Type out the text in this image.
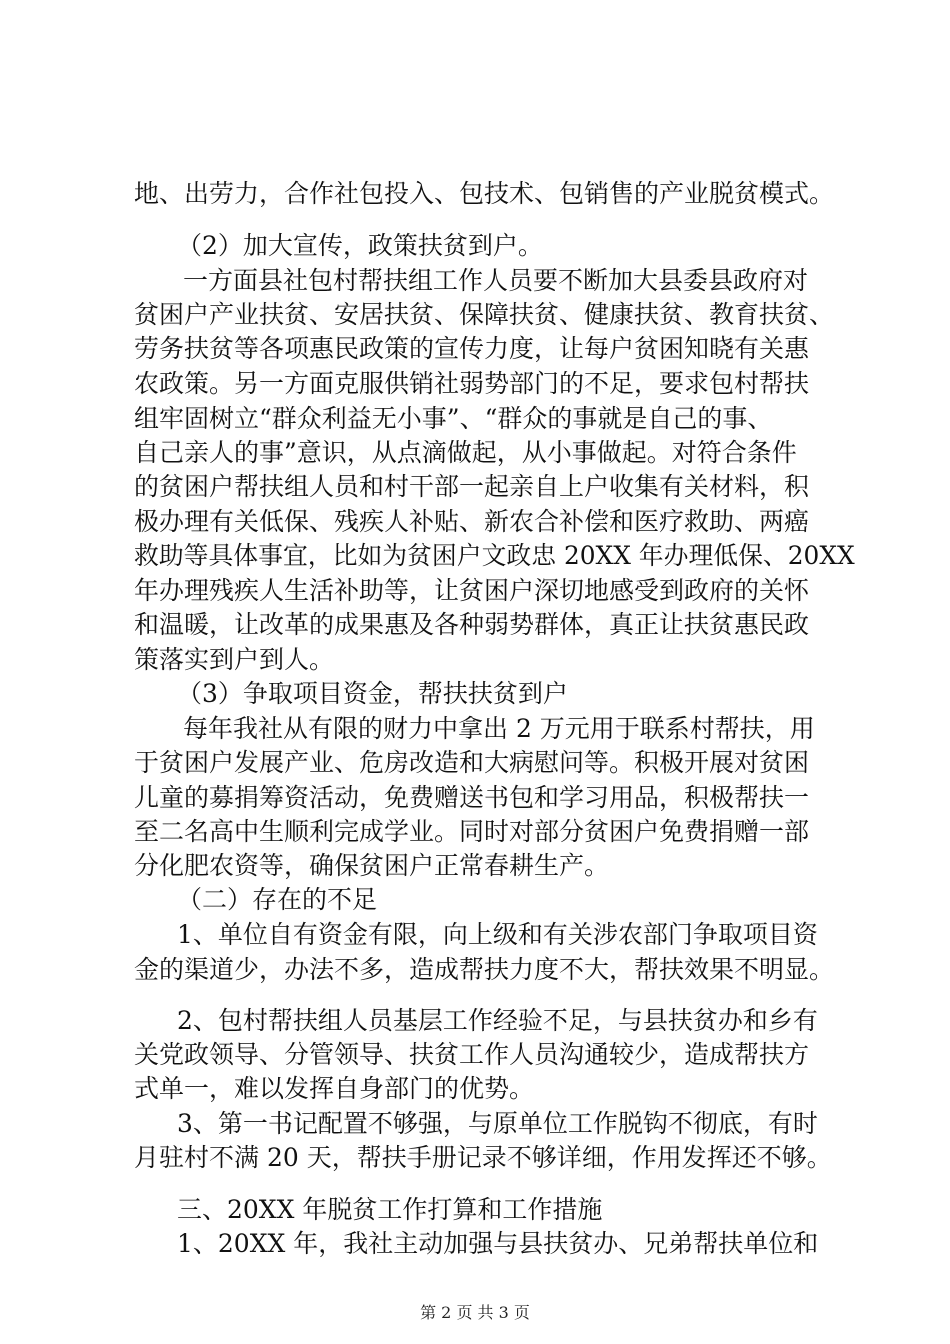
地、出劳力，合作社包投入、包技术、包销售的产业脱贫模式。
（2）加大宣传，政策扶贫到户。
一方面县社包村帮扶组工作人员要不断加大县委县政府对
贫困户产业扶贫、安居扶贫、保障扶贫、健康扶贫、教育扶贫、
劳务扶贫等各项惠民政策的宣传力度，让每户贫困知晓有关惠
农政策。另一方面克服供销社弱势部门的不足，要求包村帮扶
组牢固树立“群众利益无小事”、“群众的事就是自己的事、
自己亲人的事”意识，从点滴做起，从小事做起。对符合条件
的贫困户帮扶组人员和村干部一起亲自上户收集有关材料，积
极办理有关低保、残疾人补贴、新农合补偿和医疗救助、两癌
救助等具体事宜，比如为贫困户文政忠 20XX 年办理低保、20XX
年办理残疾人生活补助等，让贫困户深切地感受到政府的关怀
和温暖，让改革的成果惠及各种弱势群体，真正让扶贫惠民政
策落实到户到人。
（3）争取项目资金，帮扶扶贫到户
每年我社从有限的财力中拿出 2 万元用于联系村帮扶，用
于贫困户发展产业、危房改造和大病慰问等。积极开展对贫困
儿童的募捐筹资活动，免费赠送书包和学习用品，积极帮扶一
至二名高中生顺利完成学业。同时对部分贫困户免费捐赠一部
分化肥农资等，确保贫困户正常春耕生产。
（二）存在的不足
1、单位自有资金有限，向上级和有关涉农部门争取项目资
金的渠道少，办法不多，造成帮扶力度不大，帮扶效果不明显。
2、包村帮扶组人员基层工作经验不足，与县扶贫办和乡有
关党政领导、分管领导、扶贫工作人员沟通较少，造成帮扶方
式单一，难以发挥自身部门的优势。
3、第一书记配置不够强，与原单位工作脱钩不彻底，有时
月驻村不满 20 天，帮扶手册记录不够详细，作用发挥还不够。
三、20XX 年脱贫工作打算和工作措施
1、20XX 年，我社主动加强与县扶贫办、兄弟帮扶单位和
第 2 页 共 3 页
